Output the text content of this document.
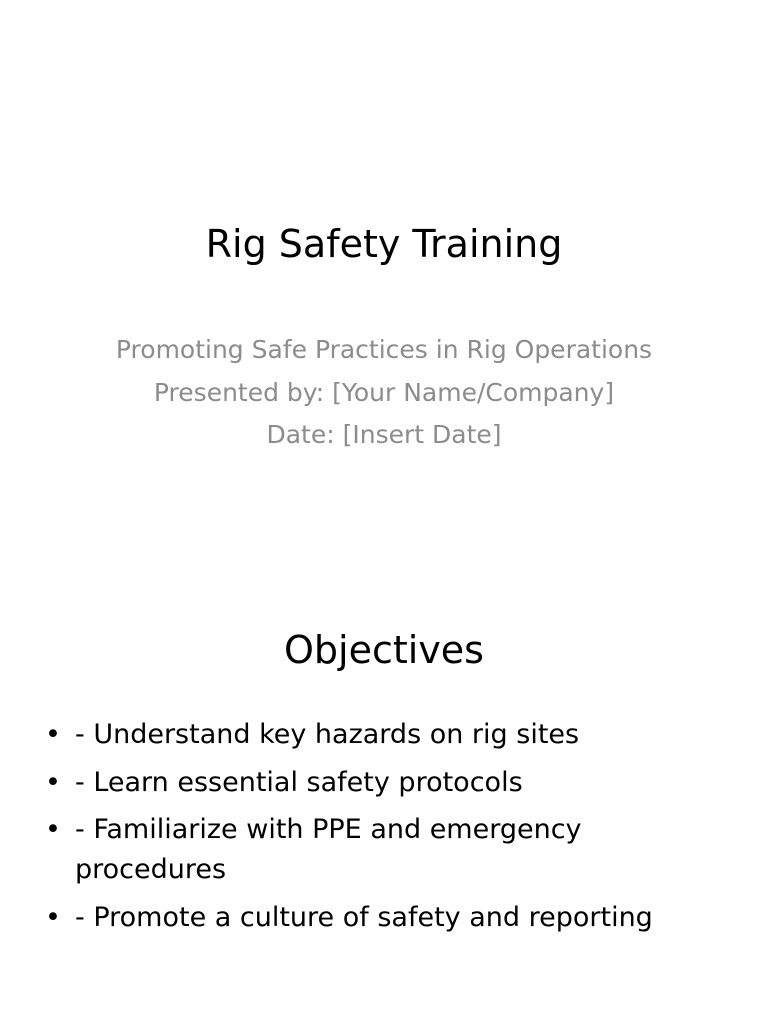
Rig Safety Training
Promoting Safe Practices in Rig Operations
Presented by: [Your Name/Company]
Date: [Insert Date]
Objectives
• - Understand key hazards on rig sites
• - Learn essential safety protocols
• - Familiarize with PPE and emergency procedures
• - Promote a culture of safety and reporting
